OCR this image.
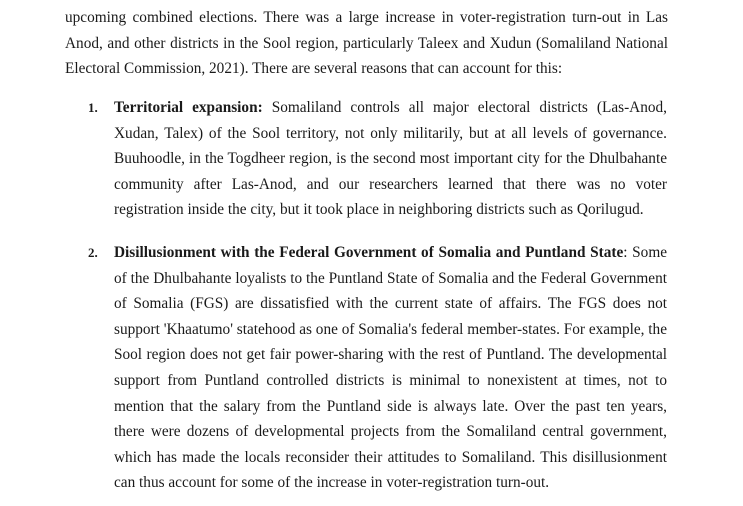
upcoming combined elections. There was a large increase in voter-registration turn-out in Las Anod, and other districts in the Sool region, particularly Taleex and Xudun (Somaliland National Electoral Commission, 2021). There are several reasons that can account for this:

1. Territorial expansion: Somaliland controls all major electoral districts (Las-Anod, Xudan, Talex) of the Sool territory, not only militarily, but at all levels of governance. Buuhoodle, in the Togdheer region, is the second most important city for the Dhulbahante community after Las-Anod, and our researchers learned that there was no voter registration inside the city, but it took place in neighboring districts such as Qorilugud.

2. Disillusionment with the Federal Government of Somalia and Puntland State: Some of the Dhulbahante loyalists to the Puntland State of Somalia and the Federal Government of Somalia (FGS) are dissatisfied with the current state of affairs. The FGS does not support 'Khaatumo' statehood as one of Somalia's federal member-states. For example, the Sool region does not get fair power-sharing with the rest of Puntland. The developmental support from Puntland controlled districts is minimal to nonexistent at times, not to mention that the salary from the Puntland side is always late. Over the past ten years, there were dozens of developmental projects from the Somaliland central government, which has made the locals reconsider their attitudes to Somaliland. This disillusionment can thus account for some of the increase in voter-registration turn-out.
